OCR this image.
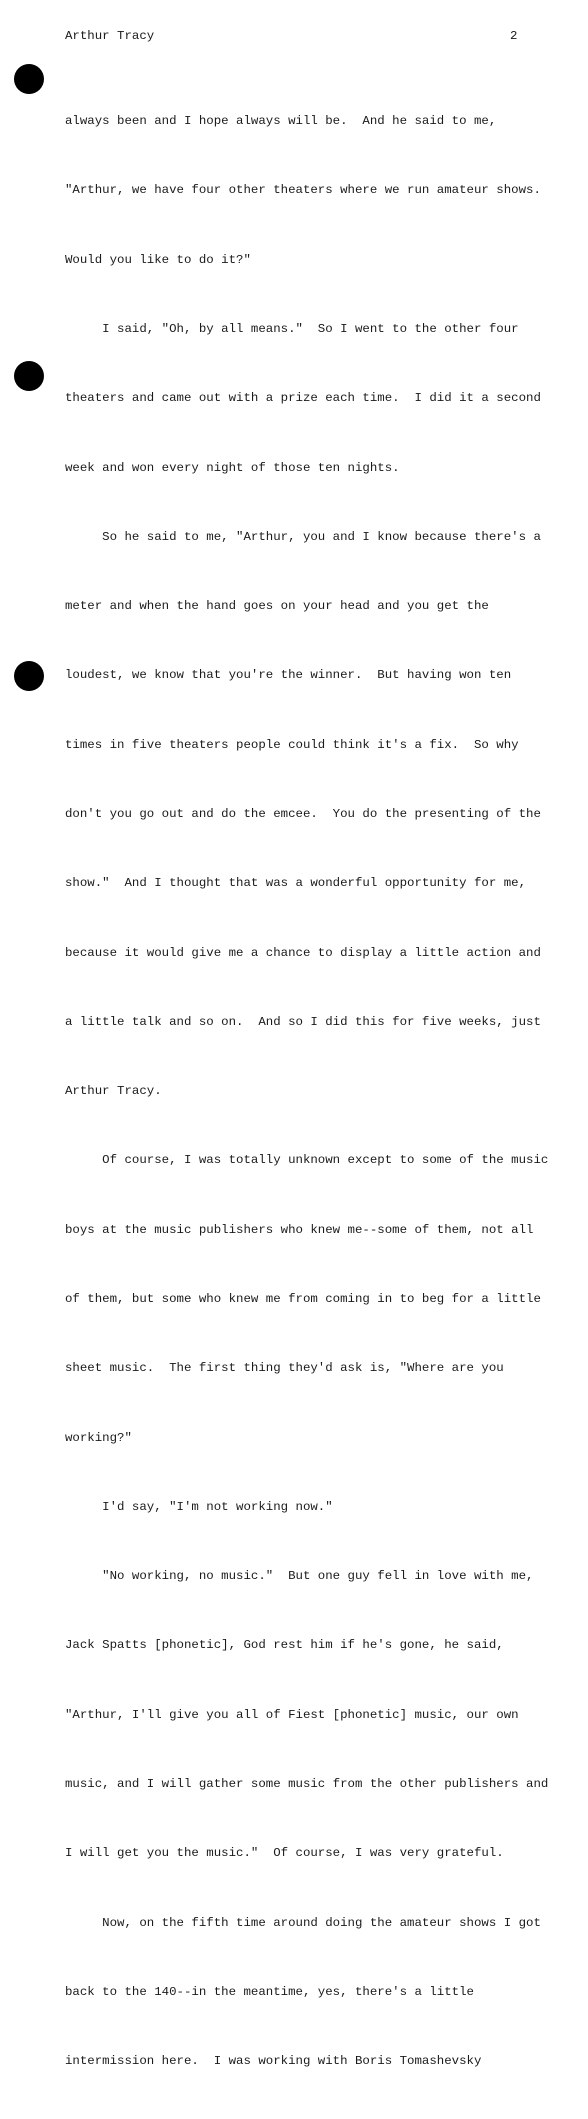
Arthur Tracy	2

always been and I hope always will be.  And he said to me,

"Arthur, we have four other theaters where we run amateur shows.

Would you like to do it?"

I said, "Oh, by all means."  So I went to the other four

theaters and came out with a prize each time.  I did it a second

week and won every night of those ten nights.

So he said to me, "Arthur, you and I know because there's a

meter and when the hand goes on your head and you get the

loudest, we know that you're the winner.  But having won ten

times in five theaters people could think it's a fix.  So why

don't you go out and do the emcee.  You do the presenting of the

show."  And I thought that was a wonderful opportunity for me,

because it would give me a chance to display a little action and

a little talk and so on.  And so I did this for five weeks, just

Arthur Tracy.

Of course, I was totally unknown except to some of the music

boys at the music publishers who knew me--some of them, not all

of them, but some who knew me from coming in to beg for a little

sheet music.  The first thing they'd ask is, "Where are you

working?"

I'd say, "I'm not working now."

"No working, no music."  But one guy fell in love with me,

Jack Spatts [phonetic], God rest him if he's gone, he said,

"Arthur, I'll give you all of Fiest [phonetic] music, our own

music, and I will gather some music from the other publishers and

I will get you the music."  Of course, I was very grateful.

Now, on the fifth time around doing the amateur shows I got

back to the 140--in the meantime, yes, there's a little

intermission here.  I was working with Boris Tomashevsky
